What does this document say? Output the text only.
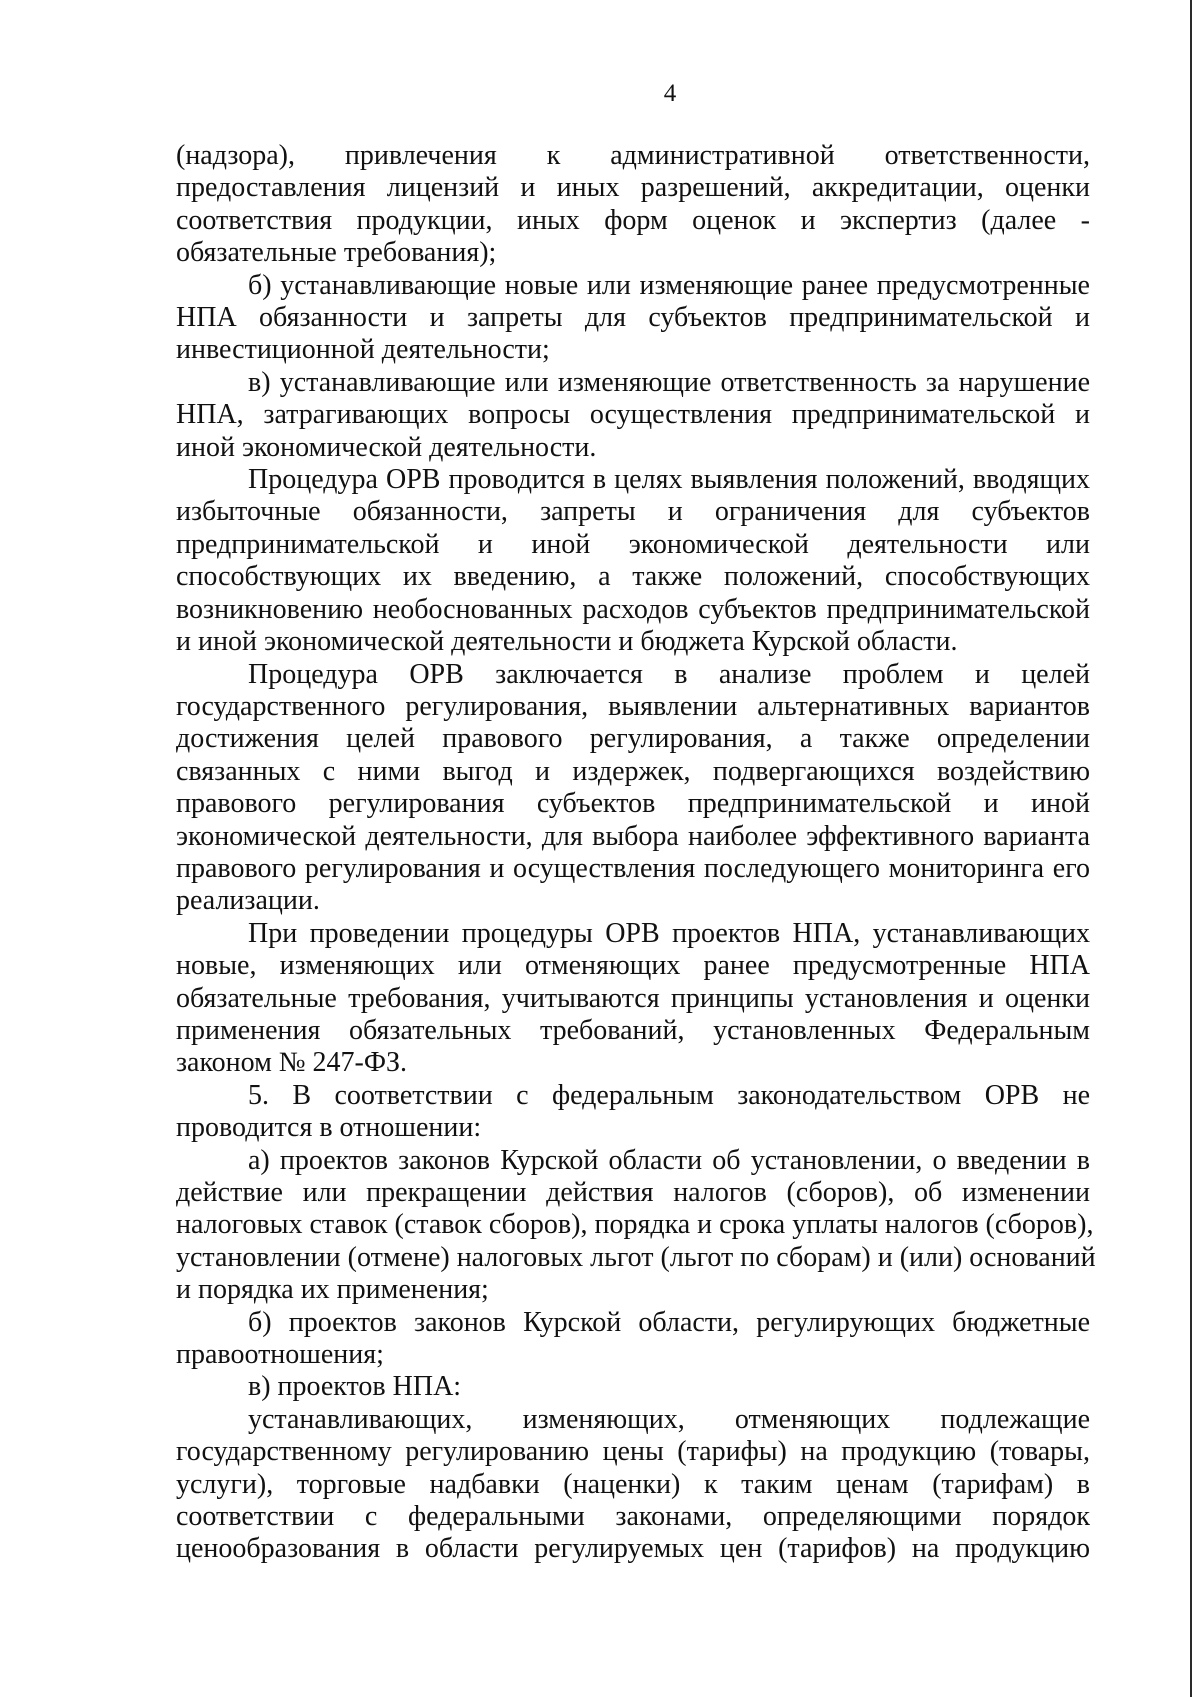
4
(надзора), привлечения к административной ответственности,
предоставления лицензий и иных разрешений, аккредитации, оценки
соответствия продукции, иных форм оценок и экспертиз (далее -
обязательные требования);
б) устанавливающие новые или изменяющие ранее предусмотренные
НПА обязанности и запреты для субъектов предпринимательской и
инвестиционной деятельности;
в) устанавливающие или изменяющие ответственность за нарушение
НПА, затрагивающих вопросы осуществления предпринимательской и
иной экономической деятельности.
Процедура ОРВ проводится в целях выявления положений, вводящих
избыточные обязанности, запреты и ограничения для субъектов
предпринимательской и иной экономической деятельности или
способствующих их введению, а также положений, способствующих
возникновению необоснованных расходов субъектов предпринимательской
и иной экономической деятельности и бюджета Курской области.
Процедура ОРВ заключается в анализе проблем и целей
государственного регулирования, выявлении альтернативных вариантов
достижения целей правового регулирования, а также определении
связанных с ними выгод и издержек, подвергающихся воздействию
правового регулирования субъектов предпринимательской и иной
экономической деятельности, для выбора наиболее эффективного варианта
правового регулирования и осуществления последующего мониторинга его
реализации.
При проведении процедуры ОРВ проектов НПА, устанавливающих
новые, изменяющих или отменяющих ранее предусмотренные НПА
обязательные требования, учитываются принципы установления и оценки
применения обязательных требований, установленных Федеральным
законом № 247-ФЗ.
5. В соответствии с федеральным законодательством ОРВ не
проводится в отношении:
а) проектов законов Курской области об установлении, о введении в
действие или прекращении действия налогов (сборов), об изменении
налоговых ставок (ставок сборов), порядка и срока уплаты налогов (сборов),
установлении (отмене) налоговых льгот (льгот по сборам) и (или) оснований
и порядка их применения;
б) проектов законов Курской области, регулирующих бюджетные
правоотношения;
в) проектов НПА:
устанавливающих, изменяющих, отменяющих подлежащие
государственному регулированию цены (тарифы) на продукцию (товары,
услуги), торговые надбавки (наценки) к таким ценам (тарифам) в
соответствии с федеральными законами, определяющими порядок
ценообразования в области регулируемых цен (тарифов) на продукцию
